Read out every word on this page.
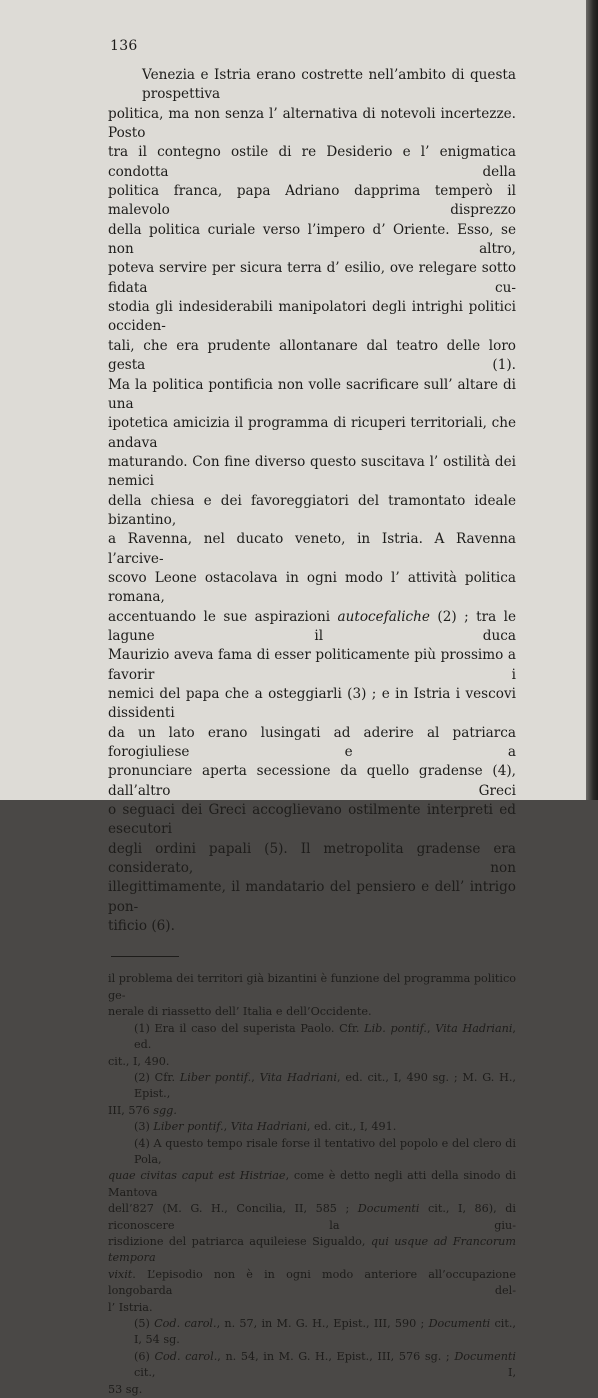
136
Venezia e Istria erano costrette nell’ambito di questa prospettiva
politica, ma non senza l’ alternativa di notevoli incertezze. Posto
tra il contegno ostile di re Desiderio e l’ enigmatica condotta della
politica franca, papa Adriano dapprima temperò il malevolo disprezzo
della politica curiale verso l’impero d’ Oriente. Esso, se non altro,
poteva servire per sicura terra d’ esilio, ove relegare sotto fidata cu-
stodia gli indesiderabili manipolatori degli intrighi politici occiden-
tali, che era prudente allontanare dal teatro delle loro gesta (1).
Ma la politica pontificia non volle sacrificare sull’ altare di una
ipotetica amicizia il programma di ricuperi territoriali, che andava
maturando. Con fine diverso questo suscitava l’ ostilità dei nemici
della chiesa e dei favoreggiatori del tramontato ideale bizantino,
a Ravenna, nel ducato veneto, in Istria. A Ravenna l’arcive-
scovo Leone ostacolava in ogni modo l’ attività politica romana,
accentuando le sue aspirazioni autocefaliche (2) ; tra le lagune il duca
Maurizio aveva fama di esser politicamente più prossimo a favorir i
nemici del papa che a osteggiarli (3) ; e in Istria i vescovi dissidenti
da un lato erano lusingati ad aderire al patriarca forogiuliese e a
pronunciare aperta secessione da quello gradense (4), dall’altro Greci
o seguaci dei Greci accoglievano ostilmente interpreti ed esecutori
degli ordini papali (5). Il metropolita gradense era considerato, non
illegittimamente, il mandatario del pensiero e dell’ intrigo pon-
tificio (6).
il problema dei territori già bizantini è funzione del programma politico ge-
nerale di riassetto dell’ Italia e dell’Occidente.
(1) Era il caso del superista Paolo. Cfr. Lib. pontif., Vita Hadriani, ed.
cit., I, 490.
(2) Cfr. Liber pontif., Vita Hadriani, ed. cit., I, 490 sg. ; M. G. H., Epist.,
III, 576 sgg.
(3) Liber pontif., Vita Hadriani, ed. cit., I, 491.
(4) A questo tempo risale forse il tentativo del popolo e del clero di Pola,
quae civitas caput est Histriae, come è detto negli atti della sinodo di Mantova
dell’827 (M. G. H., Concilia, II, 585 ; Documenti cit., I, 86), di riconoscere la giu-
risdizione del patriarca aquileiese Sigualdo, qui usque ad Francorum tempora
vixit. L’episodio non è in ogni modo anteriore all’occupazione longobarda del-
l’ Istria.
(5) Cod. carol., n. 57, in M. G. H., Epist., III, 590 ; Documenti cit., I, 54 sg.
(6) Cod. carol., n. 54, in M. G. H., Epist., III, 576 sg. ; Documenti cit., I,
53 sg.
